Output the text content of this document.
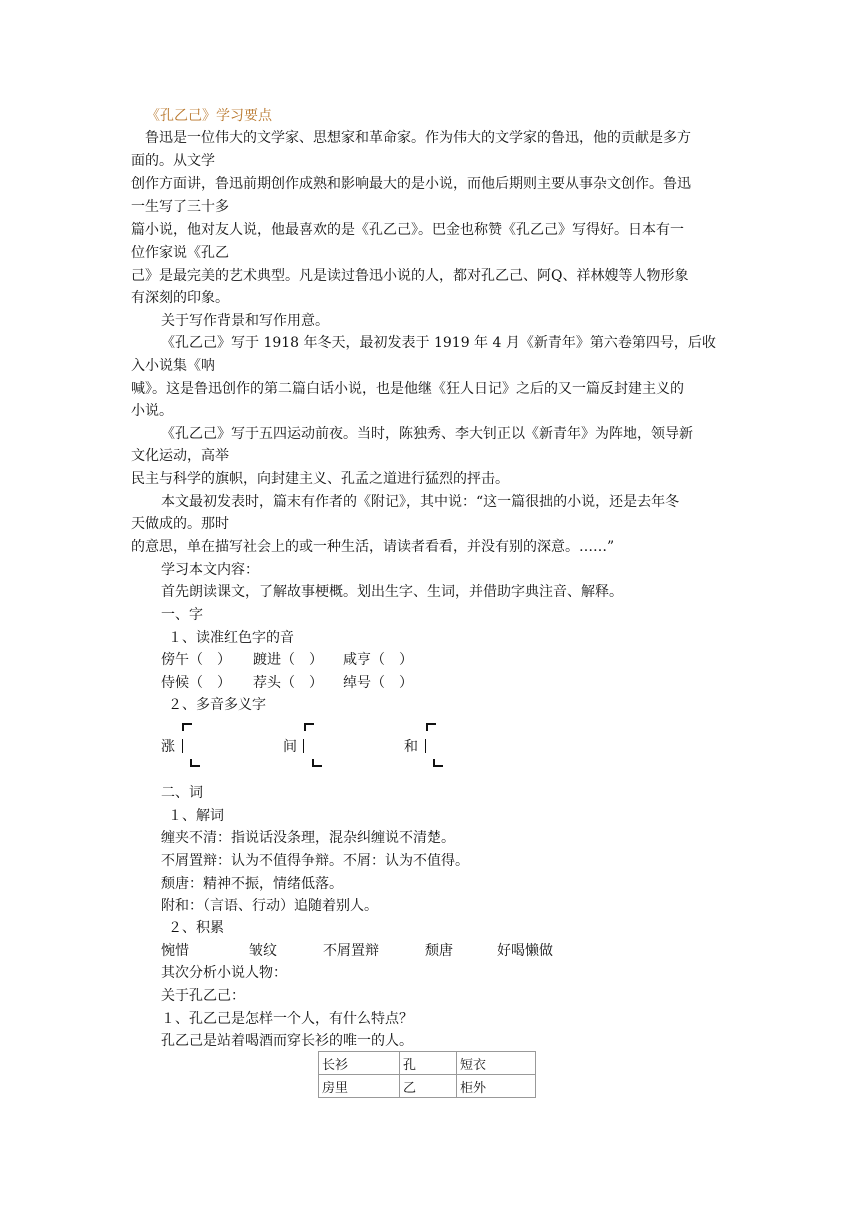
《孔乙己》学习要点
　鲁迅是一位伟大的文学家、思想家和革命家。作为伟大的文学家的鲁迅，他的贡献是多方
面的。从文学
创作方面讲，鲁迅前期创作成熟和影响最大的是小说，而他后期则主要从事杂文创作。鲁迅
一生写了三十多
篇小说，他对友人说，他最喜欢的是《孔乙己》。巴金也称赞《孔乙己》写得好。日本有一
位作家说《孔乙
己》是最完美的艺术典型。凡是读过鲁迅小说的人，都对孔乙己、阿Q、祥林嫂等人物形象
有深刻的印象。
关于写作背景和写作用意。
《孔乙己》写于 1918 年冬天，最初发表于 1919 年 4 月《新青年》第六卷第四号，后收
入小说集《呐
喊》。这是鲁迅创作的第二篇白话小说，也是他继《狂人日记》之后的又一篇反封建主义的
小说。
《孔乙己》写于五四运动前夜。当时，陈独秀、李大钊正以《新青年》为阵地，领导新
文化运动，高举
民主与科学的旗帜，向封建主义、孔孟之道进行猛烈的抨击。
本文最初发表时，篇末有作者的《附记》，其中说：“这一篇很拙的小说，还是去年冬
天做成的。那时
的意思，单在描写社会上的或一种生活，请读者看看，并没有别的深意。……”
学习本文内容：
首先朗读课文，了解故事梗概。划出生字、生词，并借助字典注音、解释。
一、字
１、读准红色字的音
傍午（　） 踱进（　） 咸亨（　）
侍候（　） 荐头（　） 绰号（　）
２、多音多义字
涨	间	和
二、词
１、解词
缠夹不清：指说话没条理，混杂纠缠说不清楚。
不屑置辩：认为不值得争辩。不屑：认为不值得。
颓唐：精神不振，情绪低落。
附和：（言语、行动）追随着别人。
２、积累
惋惜	皱纹	不屑置辩	颓唐	好喝懒做
其次分析小说人物：
关于孔乙己：
１、孔乙己是怎样一个人，有什么特点？
孔乙己是站着喝酒而穿长衫的唯一的人。
长衫	孔	短衣
房里	乙	柜外
